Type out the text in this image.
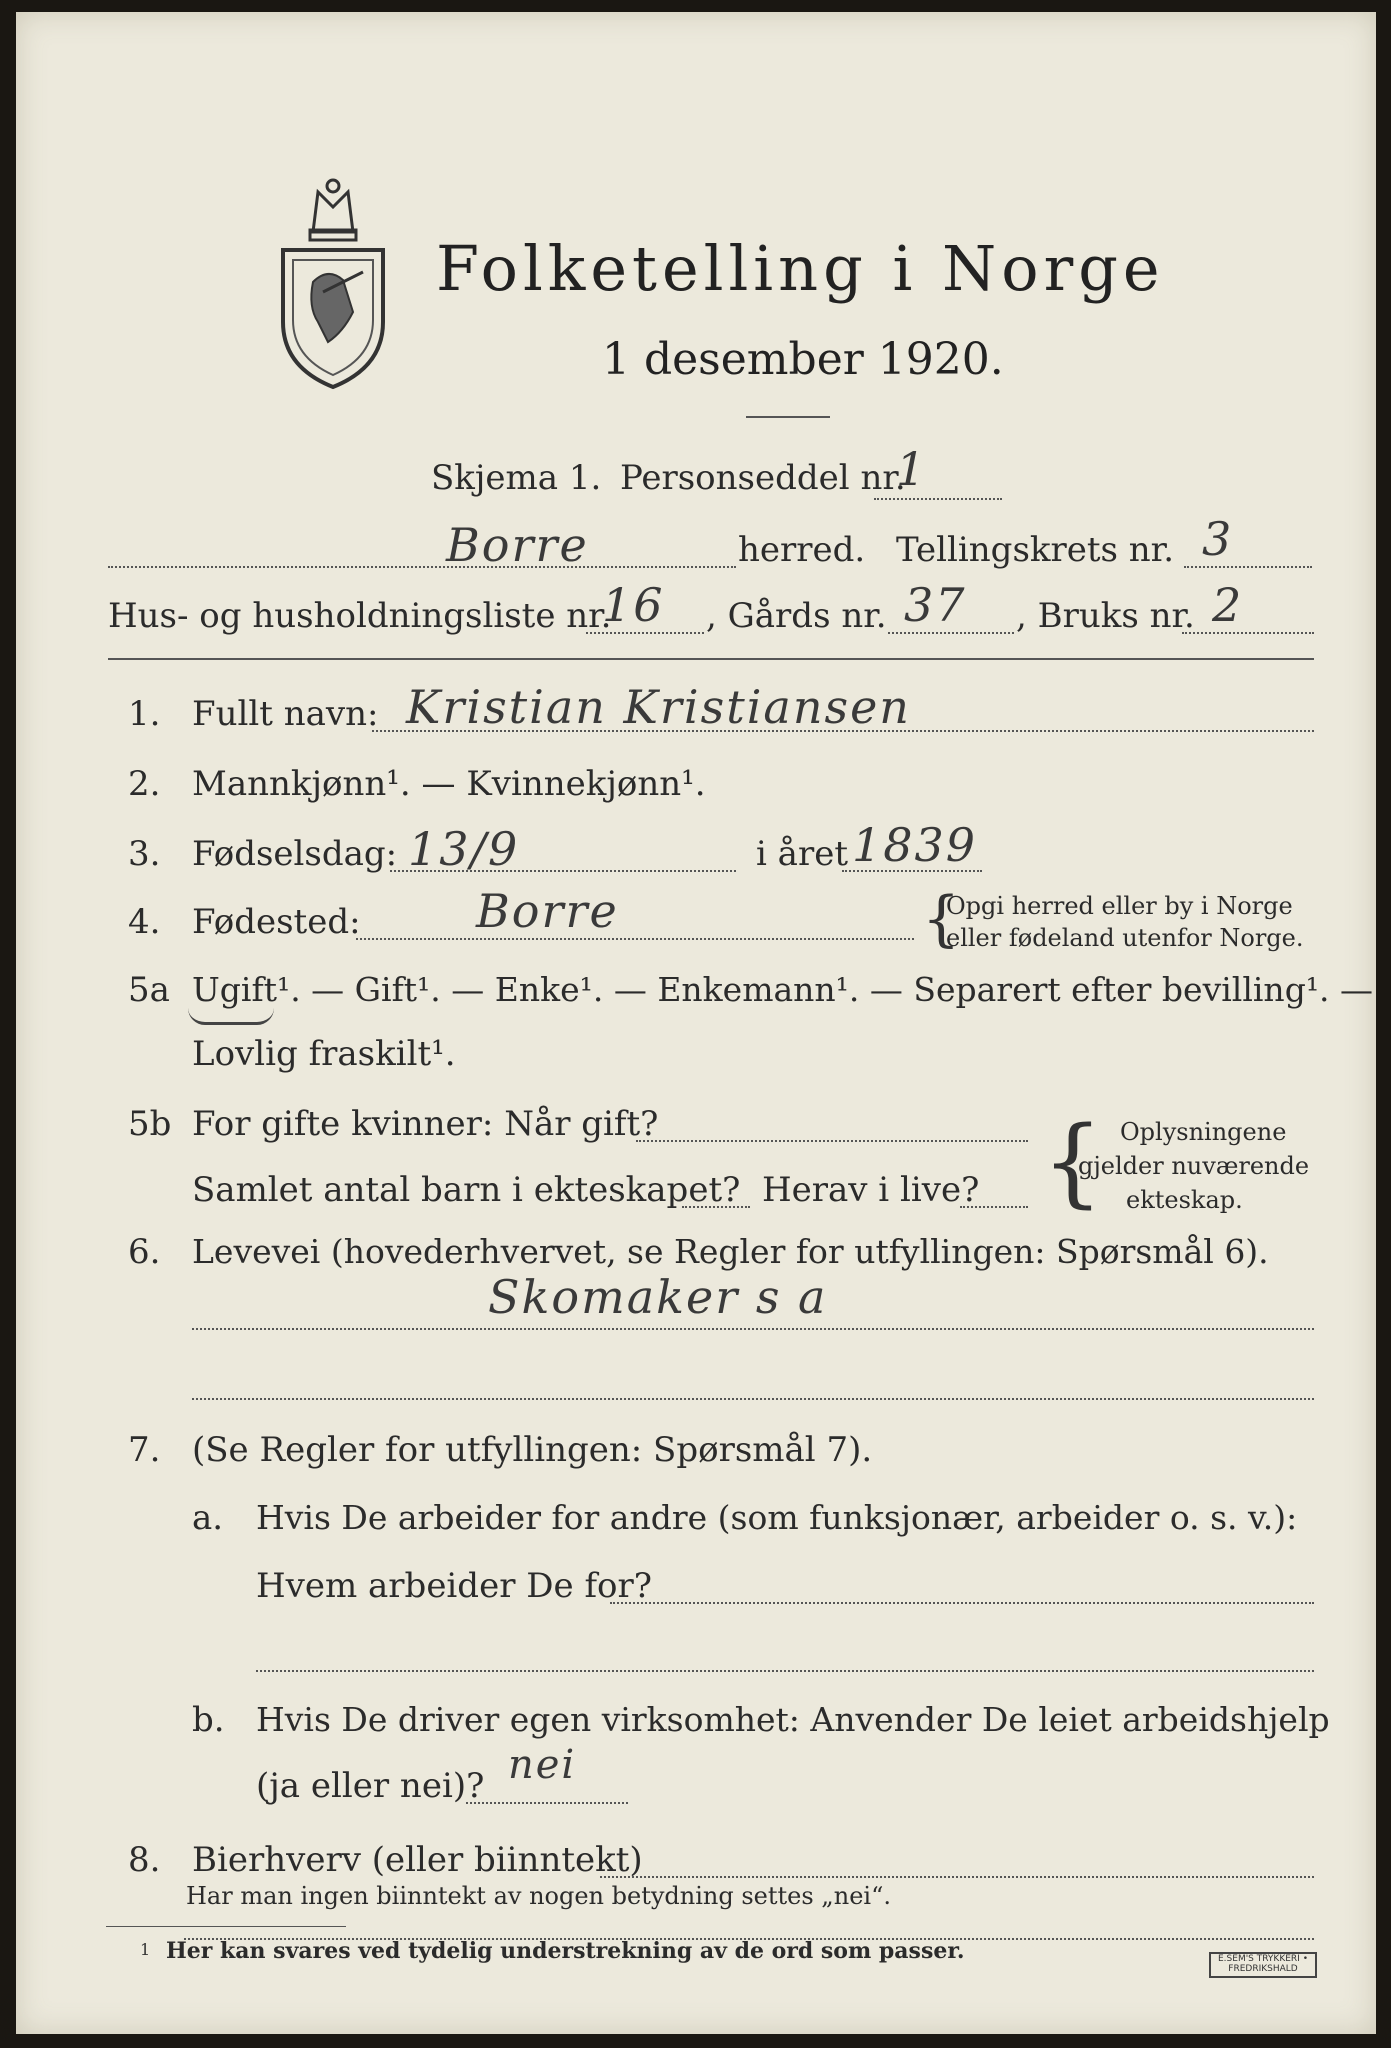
Folketelling i Norge
1 desember 1920.
Skjema 1. Personseddel nr.
1
Borre	herred. Tellingskrets nr. 3
Hus- og husholdningsliste nr.
16 , Gårds nr. 37 , Bruks nr. 2
1. Fullt navn: Kristian Kristiansen
2. Mannkjønn¹. — Kvinnekjønn¹.
3. Fødselsdag: 13/9	i året 1839
4. Fødested:	Borre	{
Opgi herred eller by i Norge
eller fødeland utenfor Norge.
5a Ugift¹. — Gift¹. — Enke¹. — Enkemann¹. — Separert efter bevilling¹. —
Lovlig fraskilt¹.
5b For gifte kvinner: Når gift?
Samlet antal barn i ekteskapet? Herav i live? { Oplysningene
gjelder nuværende
ekteskap.
6. Levevei (hovederhvervet, se Regler for utfyllingen: Spørsmål 6).
Skomaker s a
7. (Se Regler for utfyllingen: Spørsmål 7).
a. Hvis De arbeider for andre (som funksjonær, arbeider o. s. v.):
Hvem arbeider De for?
b. Hvis De driver egen virksomhet: Anvender De leiet arbeidshjelp
(ja eller nei)? nei
8. Bierhverv (eller biinntekt)
Har man ingen biinntekt av nogen betydning settes „nei“.
1 Her kan svares ved tydelig understrekning av de ord som passer.	E.SEM'S TRYKKERI • FREDRIKSHALD
